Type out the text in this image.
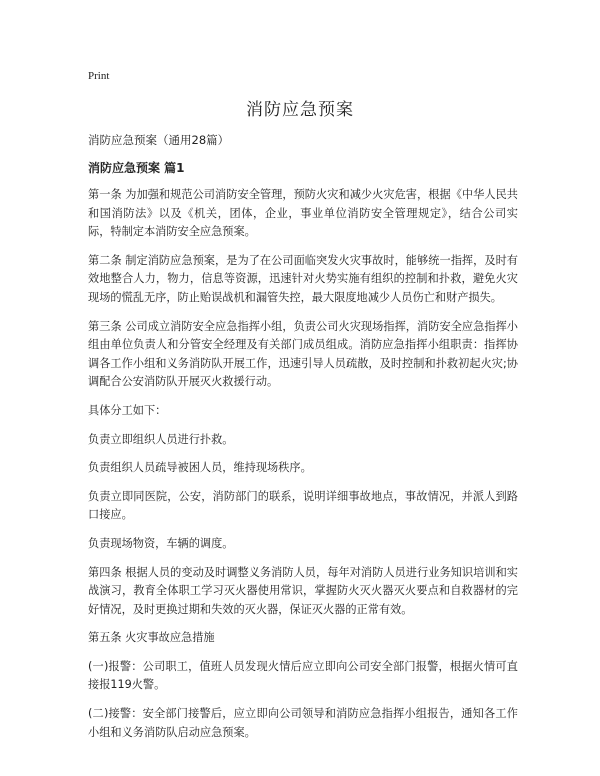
Print
消防应急预案

消防应急预案（通用28篇）

消防应急预案 篇1

第一条 为加强和规范公司消防安全管理，预防火灾和减少火灾危害，根据《中华人民共和国消防法》以及《机关，团体，企业，事业单位消防安全管理规定》，结合公司实际，特制定本消防安全应急预案。

第二条 制定消防应急预案，是为了在公司面临突发火灾事故时，能够统一指挥，及时有效地整合人力，物力，信息等资源，迅速针对火势实施有组织的控制和扑救，避免火灾现场的慌乱无序，防止贻误战机和漏管失控，最大限度地减少人员伤亡和财产损失。

第三条 公司成立消防安全应急指挥小组，负责公司火灾现场指挥，消防安全应急指挥小组由单位负责人和分管安全经理及有关部门成员组成。消防应急指挥小组职责：指挥协调各工作小组和义务消防队开展工作，迅速引导人员疏散，及时控制和扑救初起火灾;协调配合公安消防队开展灭火救援行动。

具体分工如下：

负责立即组织人员进行扑救。

负责组织人员疏导被困人员，维持现场秩序。

负责立即同医院，公安，消防部门的联系，说明详细事故地点，事故情况，并派人到路口接应。

负责现场物资，车辆的调度。

第四条 根据人员的变动及时调整义务消防人员，每年对消防人员进行业务知识培训和实战演习，教育全体职工学习灭火器使用常识，掌握防火灭火器灭火要点和自救器材的完好情况，及时更换过期和失效的灭火器，保证灭火器的正常有效。

第五条 火灾事故应急措施

(一)报警：公司职工，值班人员发现火情后应立即向公司安全部门报警，根据火情可直接报119火警。

(二)接警：安全部门接警后，应立即向公司领导和消防应急指挥小组报告，通知各工作小组和义务消防队启动应急预案。
